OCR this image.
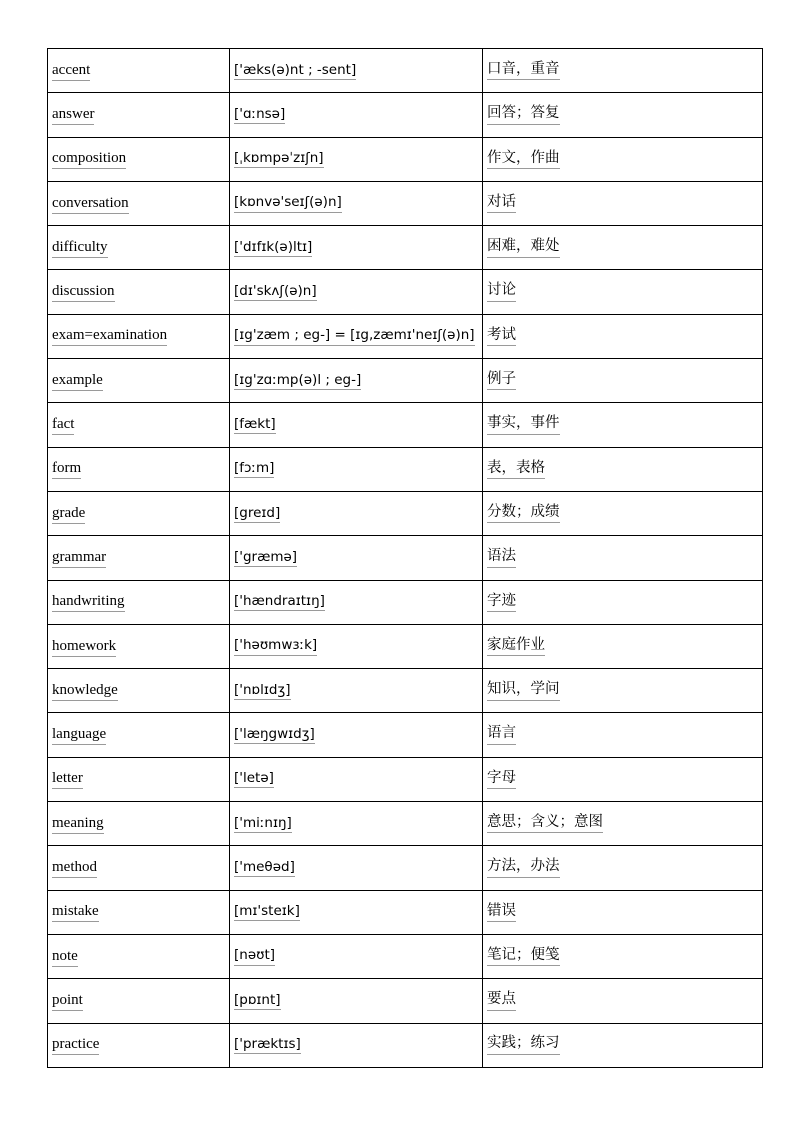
accent	['æks(ə)nt ; -sent]	口音，重音
answer	['ɑːnsə]	回答；答复
composition	[ˌkɒmpəˈzɪʃn]	作文，作曲
conversation	[kɒnvə'seɪʃ(ə)n]	对话
difficulty	['dɪfɪk(ə)ltɪ]	困难，难处
discussion	[dɪ'skʌʃ(ə)n]	讨论
exam=examination	[ɪg'zæm ; eg-] = [ɪg,zæmɪ'neɪʃ(ə)n]	考试
example	[ɪg'zɑːmp(ə)l ; eg-]	例子
fact	[fækt]	事实，事件
form	[fɔːm]	表，表格
grade	[greɪd]	分数；成绩
grammar	['græmə]	语法
handwriting	['hændraɪtɪŋ]	字迹
homework	['həʊmwɜːk]	家庭作业
knowledge	['nɒlɪdʒ]	知识，学问
language	['læŋgwɪdʒ]	语言
letter	['letə]	字母
meaning	['miːnɪŋ]	意思；含义；意图
method	['meθəd]	方法，办法
mistake	[mɪ'steɪk]	错误
note	[nəʊt]	笔记；便笺
point	[pɒɪnt]	要点
practice	['præktɪs]	实践；练习
